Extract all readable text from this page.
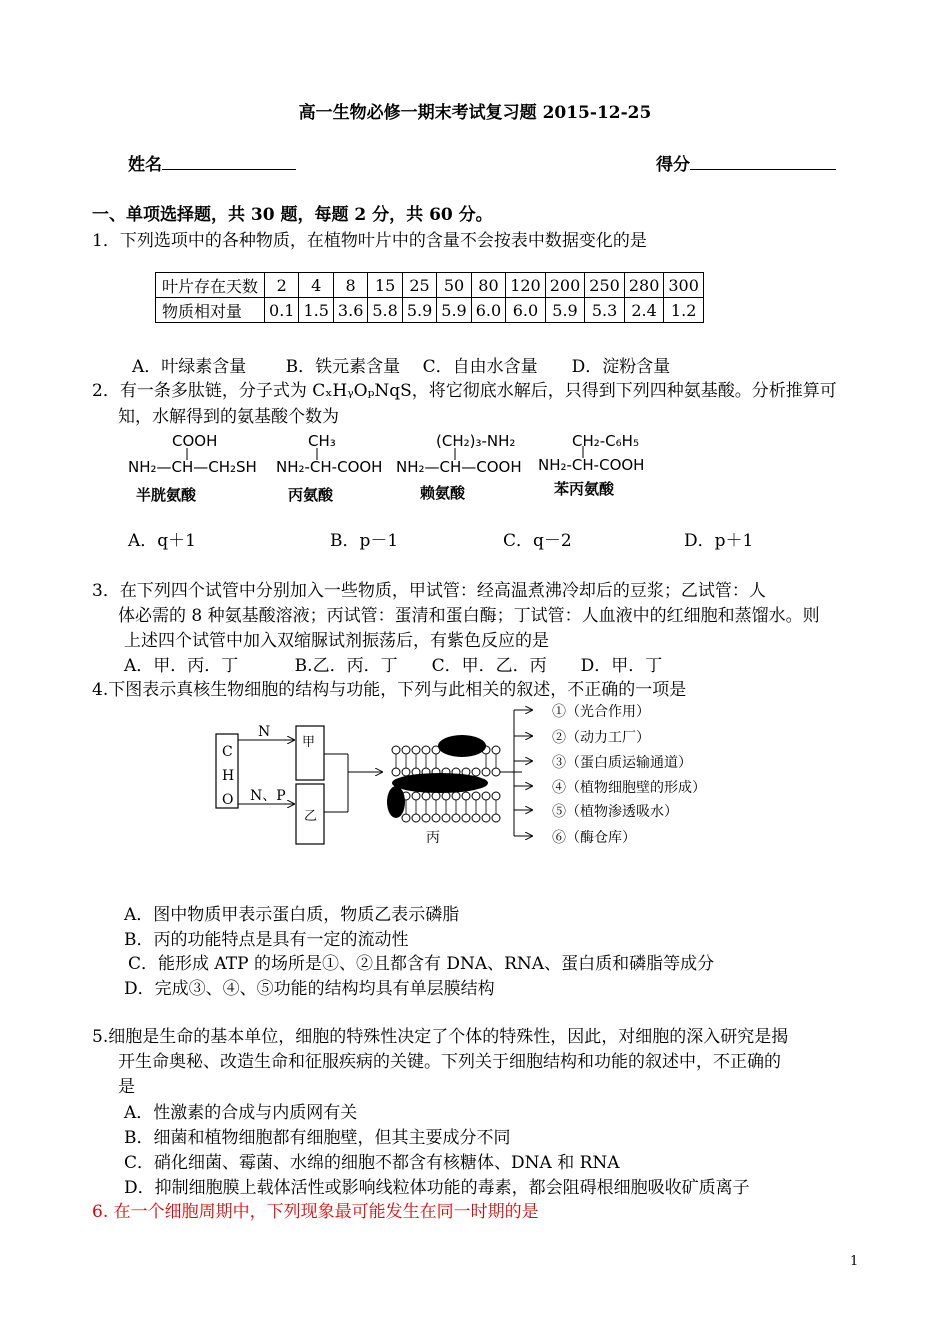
高一生物必修一期末考试复习题 2015-12-25
姓名	得分
一、单项选择题，共 30 题，每题 2 分，共 60 分。
1．下列选项中的各种物质，在植物叶片中的含量不会按表中数据变化的是
叶片存在天数	2	4	8	15	25	50	80	120	200	250	280	300
物质相对量	0.1	1.5	3.6	5.8	5.9	5.9	6.0	6.0	5.9	5.3	2.4	1.2
A．叶绿素含量　　 B．铁元素含量　 C．自由水含量　　D．淀粉含量
2．有一条多肽链，分子式为 CₓHᵧOₚNqS，将它彻底水解后，只得到下列四种氨基酸。分析推算可
知，水解得到的氨基酸个数为
COOH
NH₂—CH—CH₂SH
半胱氨酸
CH₃
NH₂-CH-COOH
丙氨酸
(CH₂)₃-NH₂
NH₂—CH—COOH
赖氨酸
CH₂-C₆H₅
NH₂-CH-COOH
苯丙氨酸
A．q＋1	B．p－1	C．q－2	D．p＋1
3．在下列四个试管中分别加入一些物质，甲试管：经高温煮沸冷却后的豆浆；乙试管：人
体必需的 8 种氨基酸溶液；丙试管：蛋清和蛋白酶；丁试管：人血液中的红细胞和蒸馏水。则
上述四个试管中加入双缩脲试剂振荡后，有紫色反应的是
A．甲．丙．丁　　　 B.乙．丙．丁　　C．甲．乙．丙　　D．甲．丁
4.下图表示真核生物细胞的结构与功能，下列与此相关的叙述，不正确的一项是
C
H
O
N
N、P
甲
乙
丙
①（光合作用）
②（动力工厂）
③（蛋白质运输通道）
④（植物细胞壁的形成）
⑤（植物渗透吸水）
⑥（酶仓库）
A．图中物质甲表示蛋白质，物质乙表示磷脂
B．丙的功能特点是具有一定的流动性
C．能形成 ATP 的场所是①、②且都含有 DNA、RNA、蛋白质和磷脂等成分
D．完成③、④、⑤功能的结构均具有单层膜结构
5.细胞是生命的基本单位，细胞的特殊性决定了个体的特殊性，因此，对细胞的深入研究是揭
开生命奥秘、改造生命和征服疾病的关键。下列关于细胞结构和功能的叙述中，不正确的
是
A．性激素的合成与内质网有关
B．细菌和植物细胞都有细胞壁，但其主要成分不同
C．硝化细菌、霉菌、水绵的细胞不都含有核糖体、DNA 和 RNA
D．抑制细胞膜上载体活性或影响线粒体功能的毒素，都会阻碍根细胞吸收矿质离子
6. 在一个细胞周期中，下列现象最可能发生在同一时期的是
1
